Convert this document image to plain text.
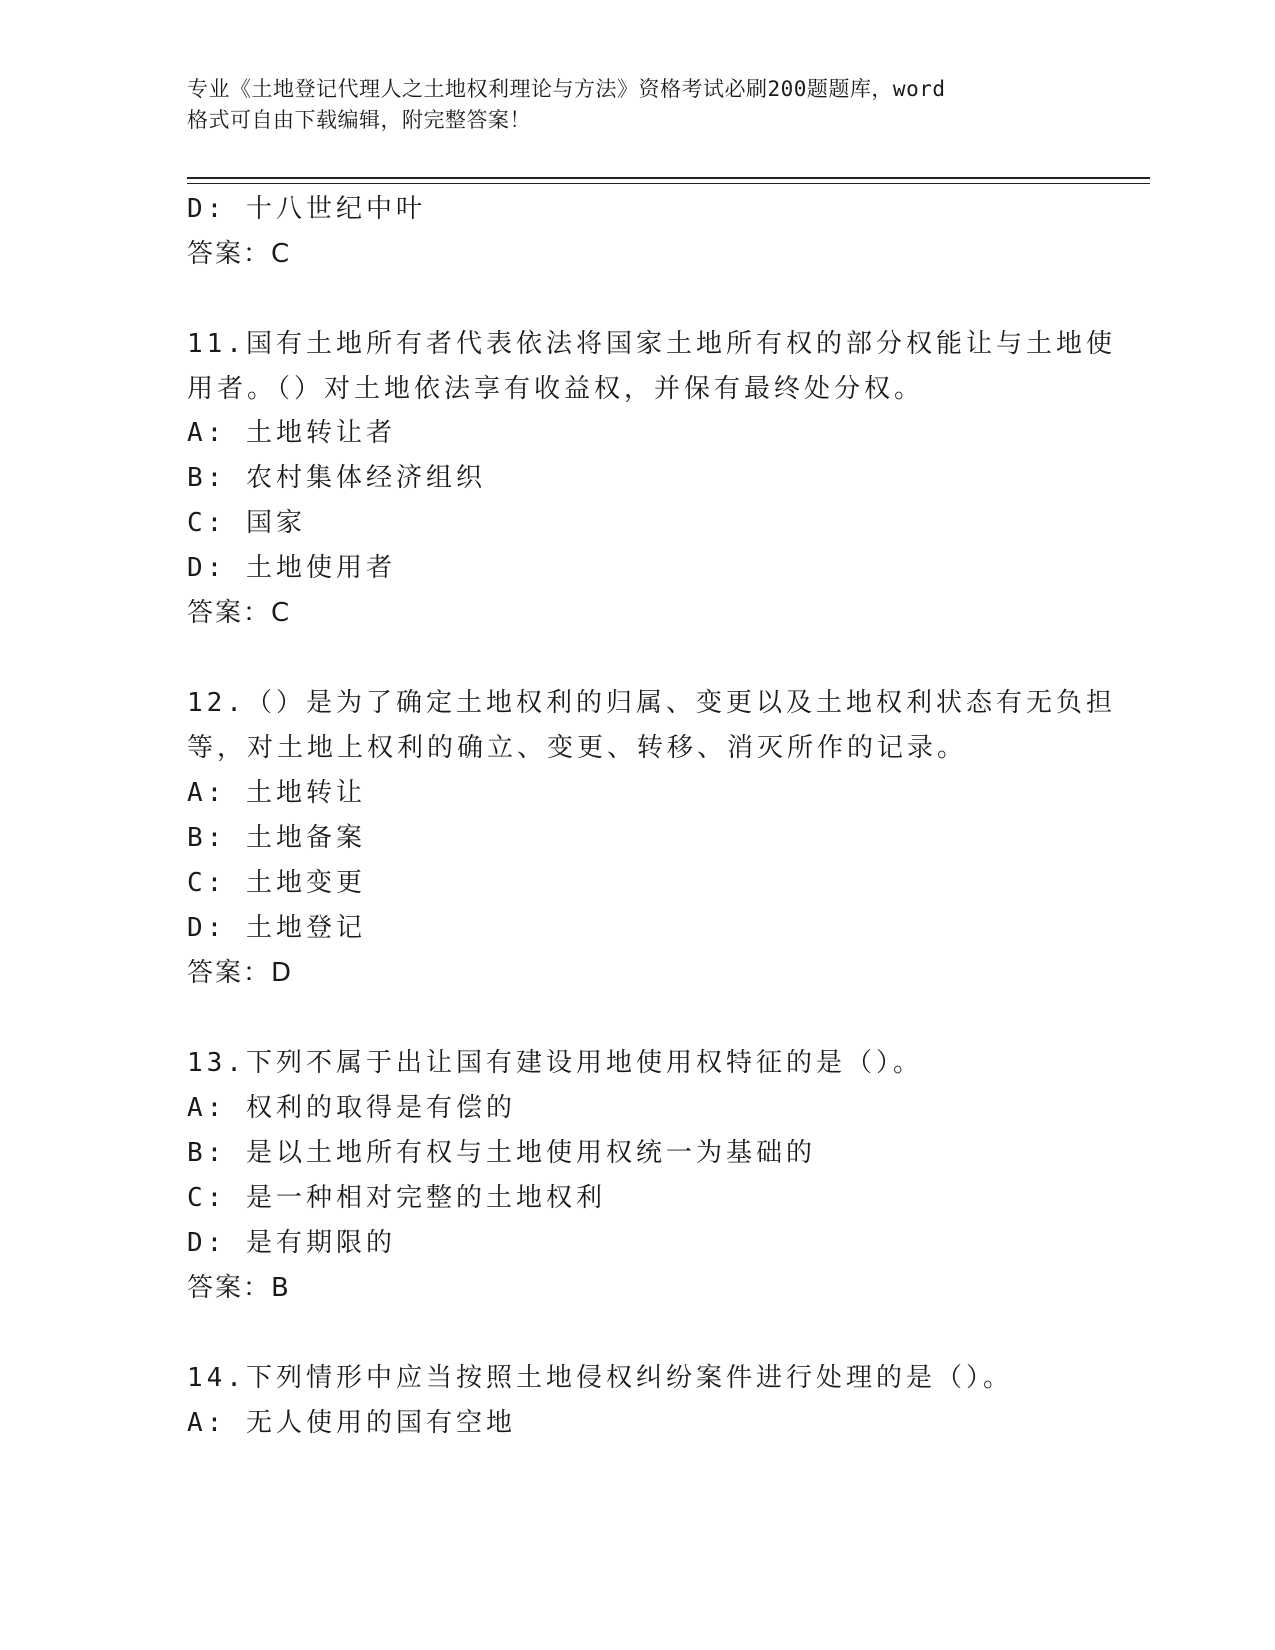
专业《土地登记代理人之土地权利理论与方法》资格考试必刷200题题库，word
格式可自由下载编辑，附完整答案！
D: 十八世纪中叶
答案：C
11.国有土地所有者代表依法将国家土地所有权的部分权能让与土地使
用者。（）对土地依法享有收益权，并保有最终处分权。
A: 土地转让者
B: 农村集体经济组织
C: 国家
D: 土地使用者
答案：C
12.（）是为了确定土地权利的归属、变更以及土地权利状态有无负担
等，对土地上权利的确立、变更、转移、消灭所作的记录。
A: 土地转让
B: 土地备案
C: 土地变更
D: 土地登记
答案：D
13.下列不属于出让国有建设用地使用权特征的是（）。
A: 权利的取得是有偿的
B: 是以土地所有权与土地使用权统一为基础的
C: 是一种相对完整的土地权利
D: 是有期限的
答案：B
14.下列情形中应当按照土地侵权纠纷案件进行处理的是（）。
A: 无人使用的国有空地
